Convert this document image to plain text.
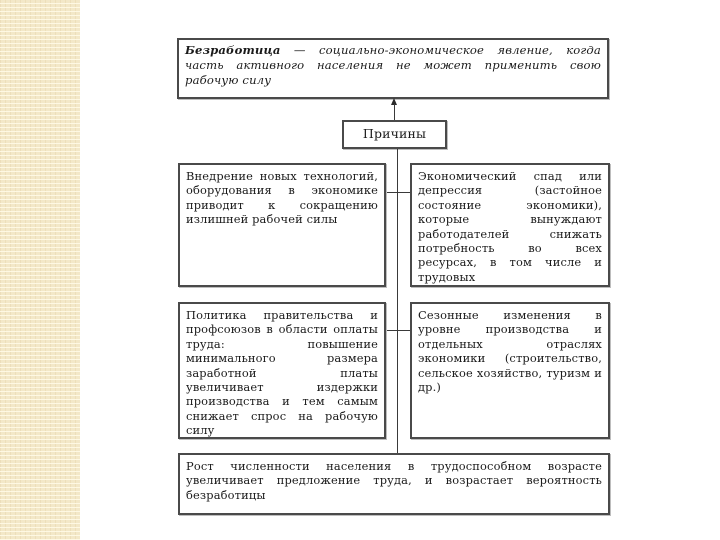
Безработица — социально-экономическое явление, когда часть активного населения не может применить свою рабочую силу
Причины
Внедрение новых технологий, оборудования в экономике приводит к сокращению излишней рабочей силы
Экономический спад или депрессия (застойное состояние экономики), которые вынуждают работодателей снижать потребность во всех ресурсах, в том числе и трудовых
Политика правительства и профсоюзов в области оплаты труда: повышение минимального размера заработной платы увеличивает издержки производства и тем самым снижает спрос на рабочую силу
Сезонные изменения в уровне производства и отдельных отраслях экономики (строительство, сельское хозяйство, туризм и др.)
Рост численности населения в трудоспособном возрасте увеличивает предложение труда, и возрастает вероятность безработицы
